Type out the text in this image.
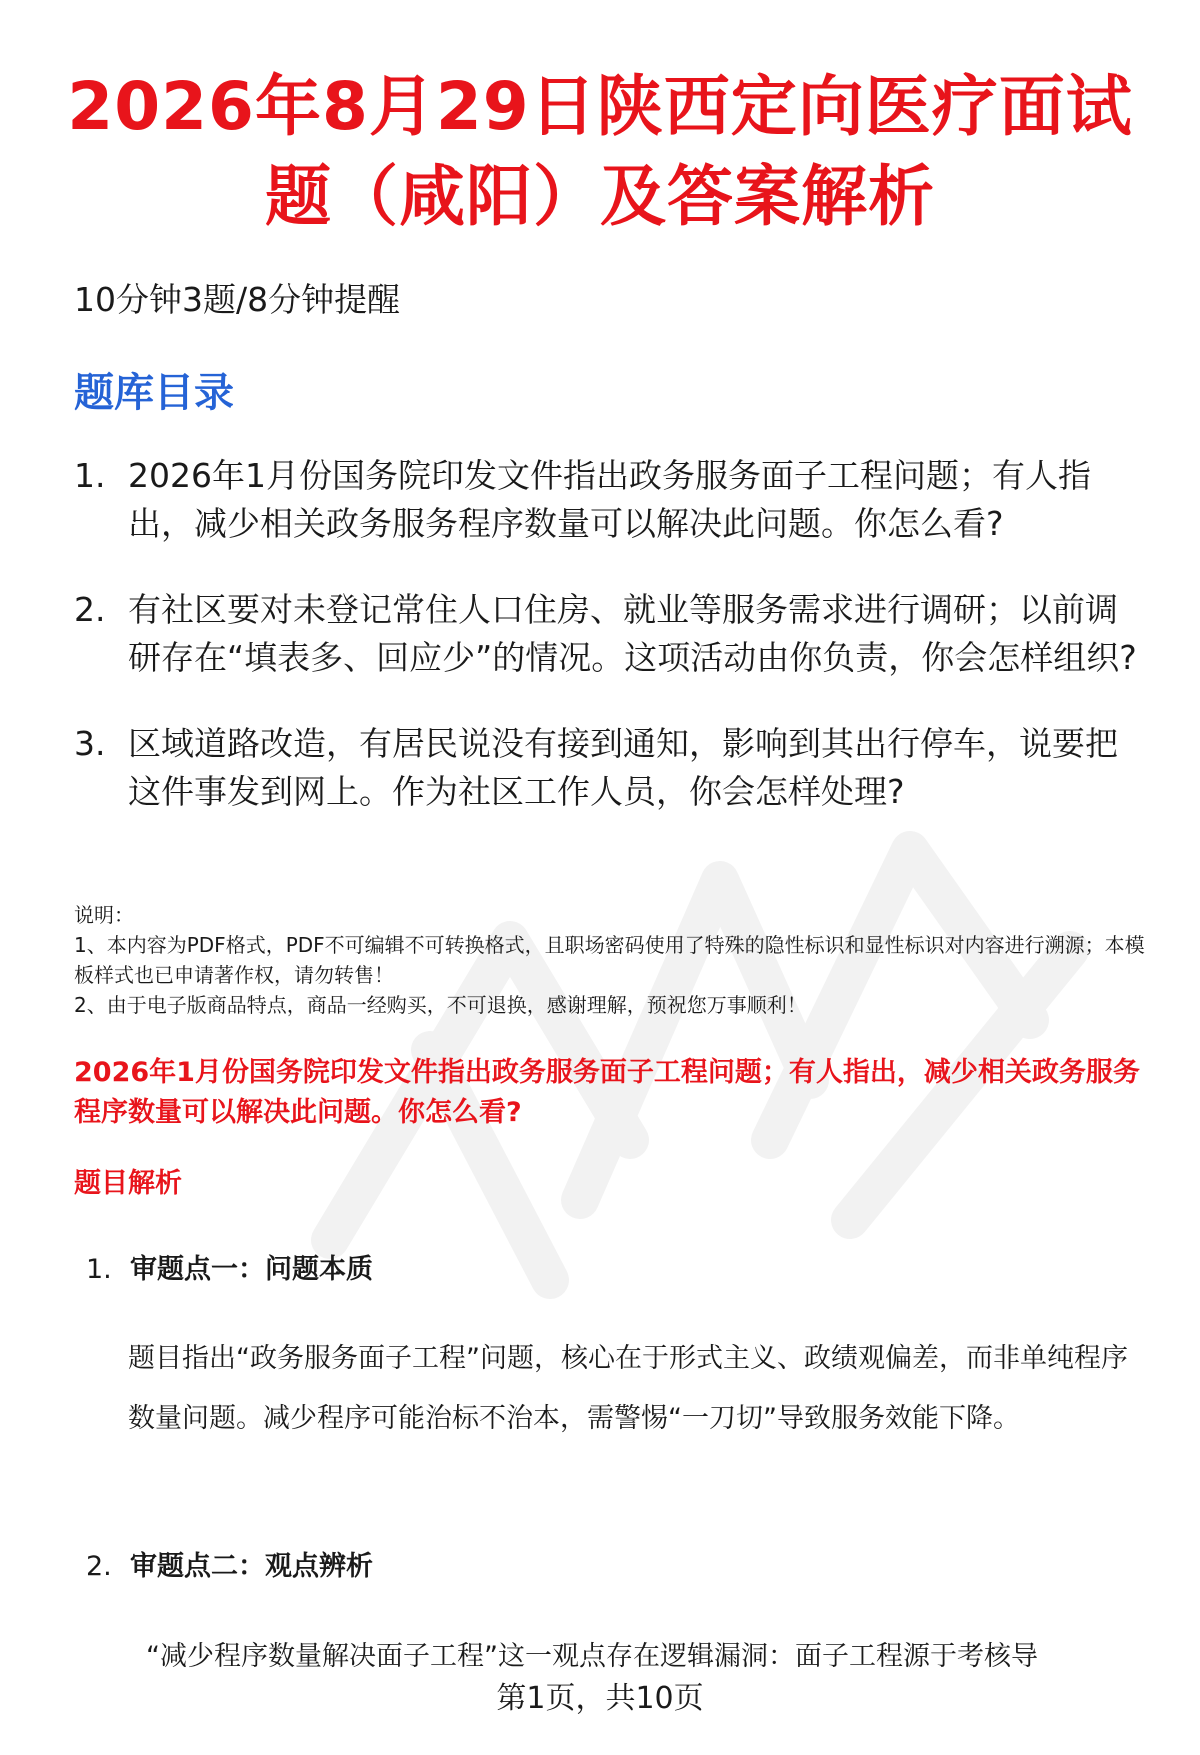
2026年8月29日陕西定向医疗面试题（咸阳）及答案解析
10分钟3题/8分钟提醒
题库目录
1. 2026年1月份国务院印发文件指出政务服务面子工程问题；有人指出，减少相关政务服务程序数量可以解决此问题。你怎么看?
2. 有社区要对未登记常住人口住房、就业等服务需求进行调研；以前调研存在“填表多、回应少”的情况。这项活动由你负责，你会怎样组织?
3. 区域道路改造，有居民说没有接到通知，影响到其出行停车，说要把这件事发到网上。作为社区工作人员，你会怎样处理?
说明：
1、本内容为PDF格式，PDF不可编辑不可转换格式，且职场密码使用了特殊的隐性标识和显性标识对内容进行溯源；本模板样式也已申请著作权，请勿转售！
2、由于电子版商品特点，商品一经购买，不可退换，感谢理解，预祝您万事顺利！
2026年1月份国务院印发文件指出政务服务面子工程问题；有人指出，减少相关政务服务程序数量可以解决此问题。你怎么看?
题目解析
1. 审题点一：问题本质
题目指出“政务服务面子工程”问题，核心在于形式主义、政绩观偏差，而非单纯程序数量问题。减少程序可能治标不治本，需警惕“一刀切”导致服务效能下降。
2. 审题点二：观点辨析
“减少程序数量解决面子工程”这一观点存在逻辑漏洞：面子工程源于考核导
第1页，共10页
